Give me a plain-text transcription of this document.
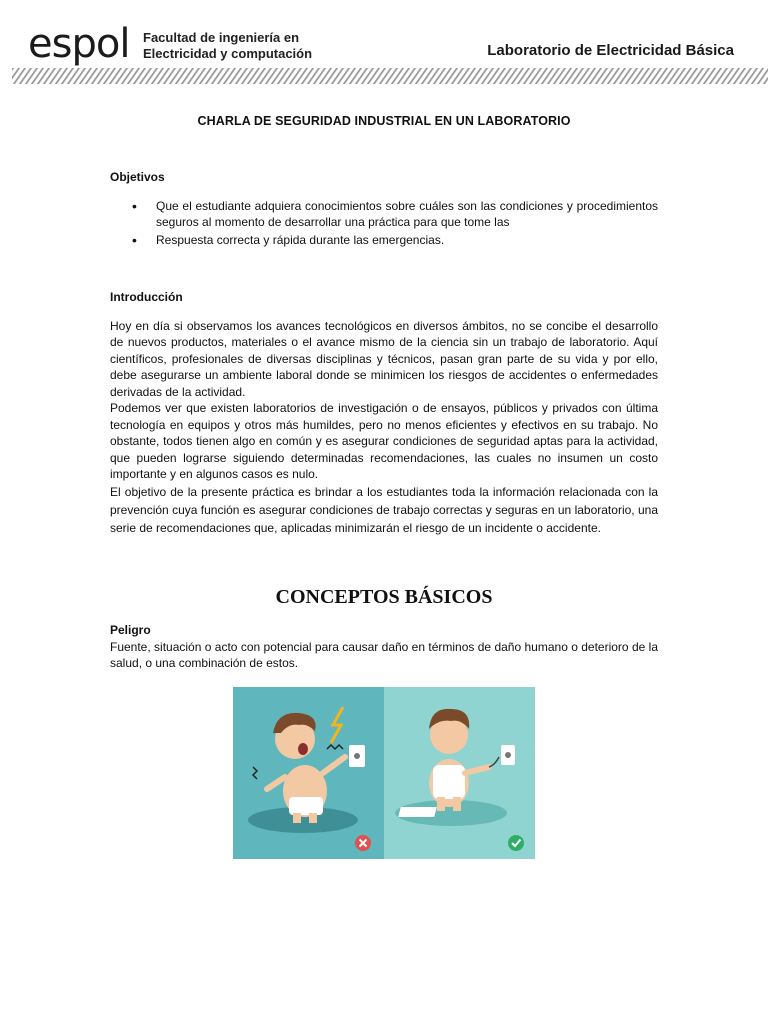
espol Facultad de ingeniería en
Electricidad y computación	Laboratorio de Electricidad Básica
CHARLA DE SEGURIDAD INDUSTRIAL EN UN LABORATORIO
Objetivos
• Que el estudiante adquiera conocimientos sobre cuáles son las condiciones y procedimientos seguros al momento de desarrollar una práctica para que tome las
• Respuesta correcta y rápida durante las emergencias.
Introducción

Hoy en día si observamos los avances tecnológicos en diversos ámbitos, no se concibe el desarrollo de nuevos productos, materiales o el avance mismo de la ciencia sin un trabajo de laboratorio. Aquí científicos, profesionales de diversas disciplinas y técnicos, pasan gran parte de su vida y por ello, debe asegurarse un ambiente laboral donde se minimicen los riesgos de accidentes o enfermedades derivadas de la actividad.

Podemos ver que existen laboratorios de investigación o de ensayos, públicos y privados con última tecnología en equipos y otros más humildes, pero no menos eficientes y efectivos en su trabajo. No obstante, todos tienen algo en común y es asegurar condiciones de seguridad aptas para la actividad, que pueden lograrse siguiendo determinadas recomendaciones, las cuales no insumen un costo importante y en algunos casos es nulo.

El objetivo de la presente práctica es brindar a los estudiantes toda la información relacionada con la prevención cuya función es asegurar condiciones de trabajo correctas y seguras en un laboratorio, una serie de recomendaciones que, aplicadas minimizarán el riesgo de un incidente o accidente.

CONCEPTOS BÁSICOS
Peligro

Fuente, situación o acto con potencial para causar daño en términos de daño humano o deterioro de la salud, o una combinación de estos.
